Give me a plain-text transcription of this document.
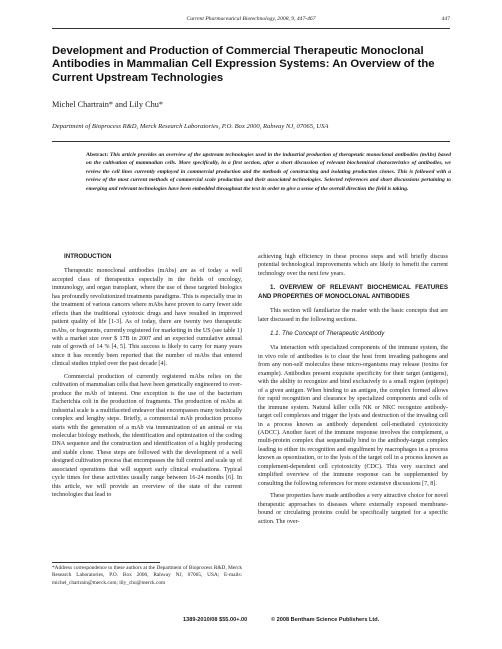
Current Pharmaceutical Biotechnology, 2008, 9, 447-467	447
Development and Production of Commercial Therapeutic Monoclonal Antibodies in Mammalian Cell Expression Systems: An Overview of the Current Upstream Technologies
Michel Chartrain* and Lily Chu*
Department of Bioprocess R&D, Merck Research Laboratories, P.O. Box 2000, Rahway NJ, 07065, USA
Abstract: This article provides an overview of the upstream technologies used in the industrial production of therapeutic monoclonal antibodies (mAbs) based on the cultivation of mammalian cells. More specifically, in a first section, after a short discussion of relevant biochemical characteristics of antibodies, we review the cell lines currently employed in commercial production and the methods of constructing and isolating production clones. This is followed with a review of the most current methods of commercial scale production and their associated technologies. Selected references and short discussions pertaining to emerging and relevant technologies have been embedded throughout the text in order to give a sense of the overall direction the field is taking.

INTRODUCTION

Therapeutic monoclonal antibodies (mAbs) are as of today a well accepted class of therapeutics especially in the fields of oncology, immunology, and organ transplant, where the use of these targeted biologics has profoundly revolutionized treatments paradigms. This is especially true in the treatment of various cancers where mAbs have proven to carry fewer side effects than the traditional cytotoxic drugs and have resulted in improved patient quality of life [1-3]. As of today, there are twenty two therapeutic mAbs, or fragments, currently registered for marketing in the US (see table 1) with a market size over $ 17B in 2007 and an expected cumulative annual rate of growth of 14 % [4, 5]. This success is likely to carry for many years since it has recently been reported that the number of mAbs that entered clinical studies tripled over the past decade [4].

Commercial production of currently registered mAbs relies on the cultivation of mammalian cells that have been genetically engineered to over-produce the mAb of interest. One exception is the use of the bacterium Escherichia coli in the production of fragments. The production of mAbs at industrial scale is a multifaceted endeavor that encompasses many technically complex and lengthy steps. Briefly, a commercial mAb production process starts with the generation of a mAb via immunization of an animal or via molecular biology methods, the identification and optimization of the coding DNA sequence and the construction and identification of a highly producing and stable clone. These steps are followed with the development of a well designed cultivation process that encompasses the full control and scale up of associated operations that will support early clinical evaluations. Typical cycle times for these activities usually range between 16-24 months [6]. In this article, we will provide an overview of the state of the current technologies that lead to

*Address correspondence to these authors at the Department of Bioprocess R&D, Merck Research Laboratories, P.O. Box 2000, Rahway NJ, 07065, USA; E-mails: michel_chartrain@merck.com; lily_chu@merck.com

achieving high efficiency in these process steps and will briefly discuss potential technological improvements which are likely to benefit the current technology over the next few years.

1. OVERVIEW OF RELEVANT BIOCHEMICAL FEATURES AND PROPERTIES OF MONOCLONAL ANTIBODIES

This section will familiarize the reader with the basic concepts that are later discussed in the following sections.

1.1. The Concept of Therapeutic Antibody

Via interaction with specialized components of the immune system, the in vivo role of antibodies is to clear the host from invading pathogens and from any non-self molecules these micro-organisms may release (toxins for example). Antibodies present exquisite specificity for their target (antigens), with the ability to recognize and bind exclusively to a small region (epitope) of a given antigen. When binding to an antigen, the complex formed allows for rapid recognition and clearance by specialized components and cells of the immune system. Natural killer cells NK or NKC recognize antibody-target cell complexes and trigger the lysis and destruction of the invading cell in a process known as antibody dependent cell-mediated cytotoxicity (ADCC). Another facet of the immune response involves the complement, a multi-protein complex that sequentially bind to the antibody-target complex leading to either its recognition and engulfment by macrophages in a process known as opsonization, or to the lysis of the target cell in a process known as complement-dependent cell cytotoxicity (CDC). This very succinct and simplified overview of the immune response can be supplemented by consulting the following references for more extensive discussions [7, 8].

These properties have made antibodies a very attractive choice for novel therapeutic approaches to diseases where externally exposed membrane-bound or circulating proteins could be specifically targeted for a specific action. The over-

1389-2010/08 $55.00+.00	© 2008 Bentham Science Publishers Ltd.
